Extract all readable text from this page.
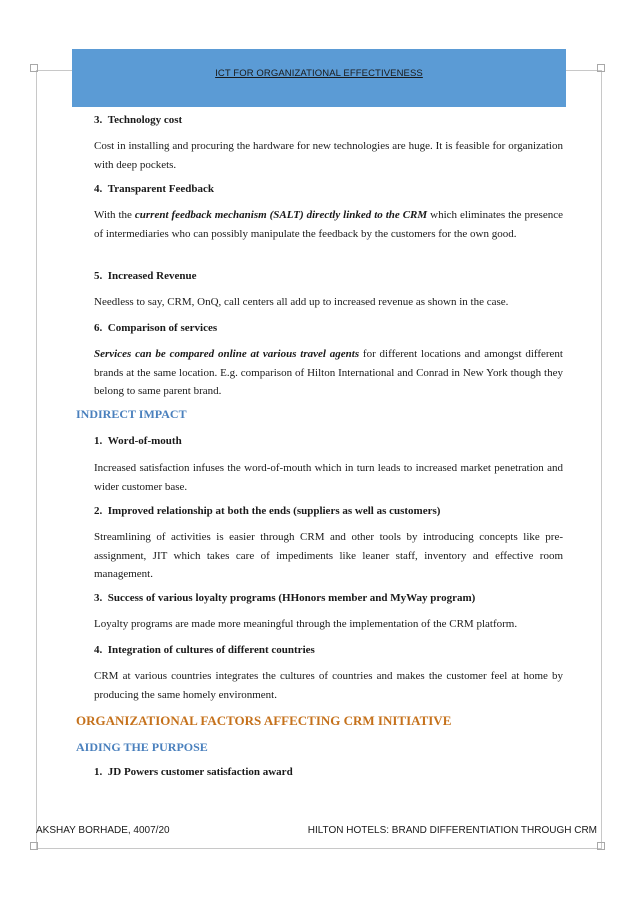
ICT FOR ORGANIZATIONAL EFFECTIVENESS
3.  Technology cost
Cost in installing and procuring the hardware for new technologies are huge. It is feasible for organization with deep pockets.
4.  Transparent Feedback
With the current feedback mechanism (SALT) directly linked to the CRM which eliminates the presence of intermediaries who can possibly manipulate the feedback by the customers for the own good.
5.  Increased Revenue
Needless to say, CRM, OnQ, call centers all add up to increased revenue as shown in the case.
6.  Comparison of services
Services can be compared online at various travel agents for different locations and amongst different brands at the same location. E.g. comparison of Hilton International and Conrad in New York though they belong to same parent brand.
INDIRECT IMPACT
1.  Word-of-mouth
Increased satisfaction infuses the word-of-mouth which in turn leads to increased market penetration and wider customer base.
2.  Improved relationship at both the ends (suppliers as well as customers)
Streamlining of activities is easier through CRM and other tools by introducing concepts like pre-assignment, JIT which takes care of impediments like leaner staff, inventory and effective room management.
3.  Success of various loyalty programs (HHonors member and MyWay program)
Loyalty programs are made more meaningful through the implementation of the CRM platform.
4.  Integration of cultures of different countries
CRM at various countries integrates the cultures of countries and makes the customer feel at home by producing the same homely environment.
ORGANIZATIONAL FACTORS AFFECTING CRM INITIATIVE
AIDING THE PURPOSE
1.  JD Powers customer satisfaction award
AKSHAY BORHADE, 4007/20	HILTON HOTELS: BRAND DIFFERENTIATION THROUGH CRM
